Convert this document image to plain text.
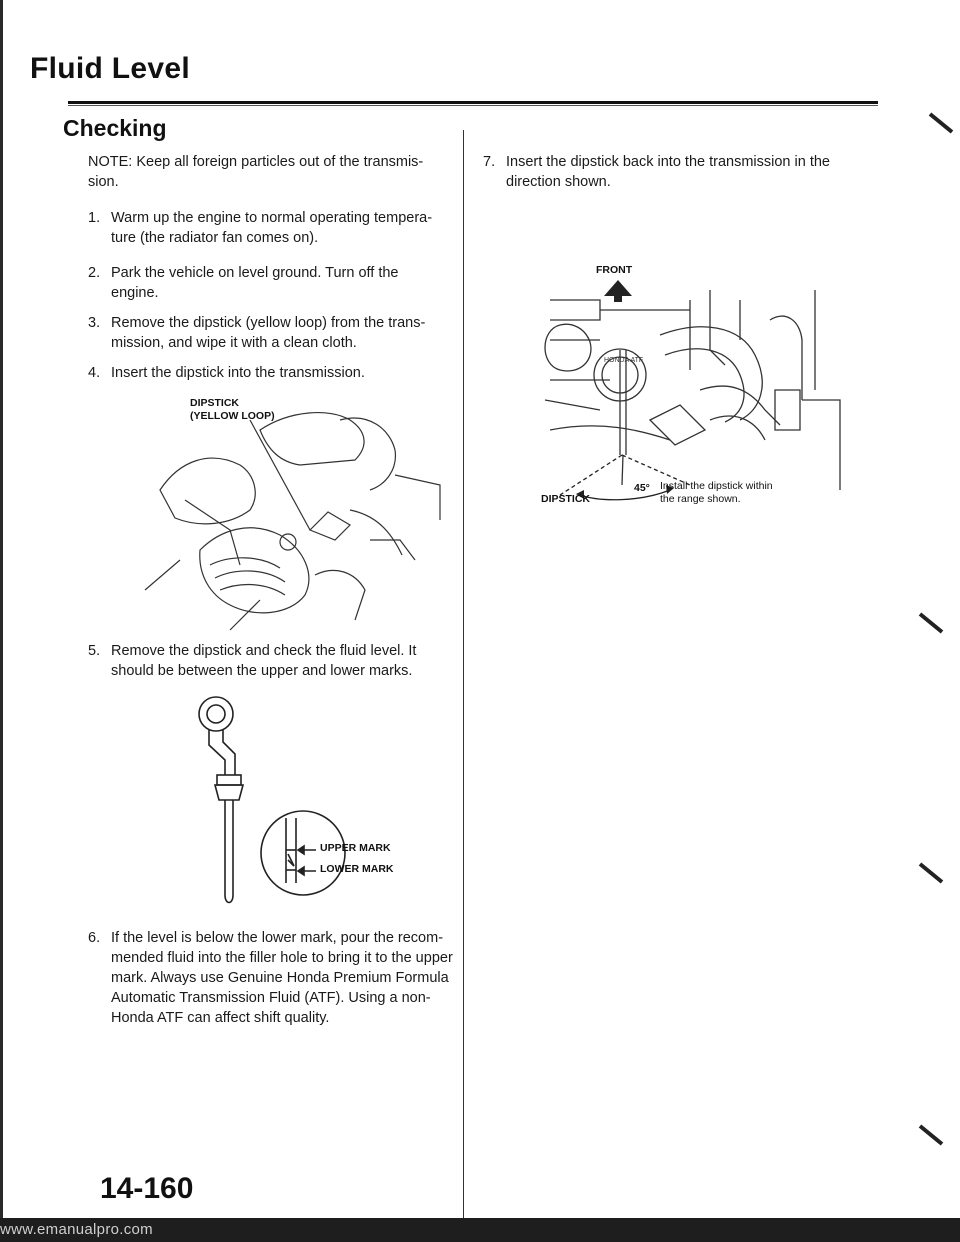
Fluid Level
Checking
NOTE: Keep all foreign particles out of the transmis-
sion.
1. Warm up the engine to normal operating tempera-
ture (the radiator fan comes on).
2. Park the vehicle on level ground. Turn off the
engine.
3. Remove the dipstick (yellow loop) from the trans-
mission, and wipe it with a clean cloth.
4. Insert the dipstick into the transmission.
DIPSTICK
(YELLOW LOOP)
5. Remove the dipstick and check the fluid level. It
should be between the upper and lower marks.
UPPER MARK
LOWER MARK
6. If the level is below the lower mark, pour the recom-
mended fluid into the filler hole to bring it to the upper
mark. Always use Genuine Honda Premium Formula
Automatic Transmission Fluid (ATF). Using a non-
Honda ATF can affect shift quality.
7. Insert the dipstick back into the transmission in the
direction shown.
FRONT
HONDA ATF
45°
DIPSTICK
Install the dipstick within
the range shown.
14-160
www.emanualpro.com
